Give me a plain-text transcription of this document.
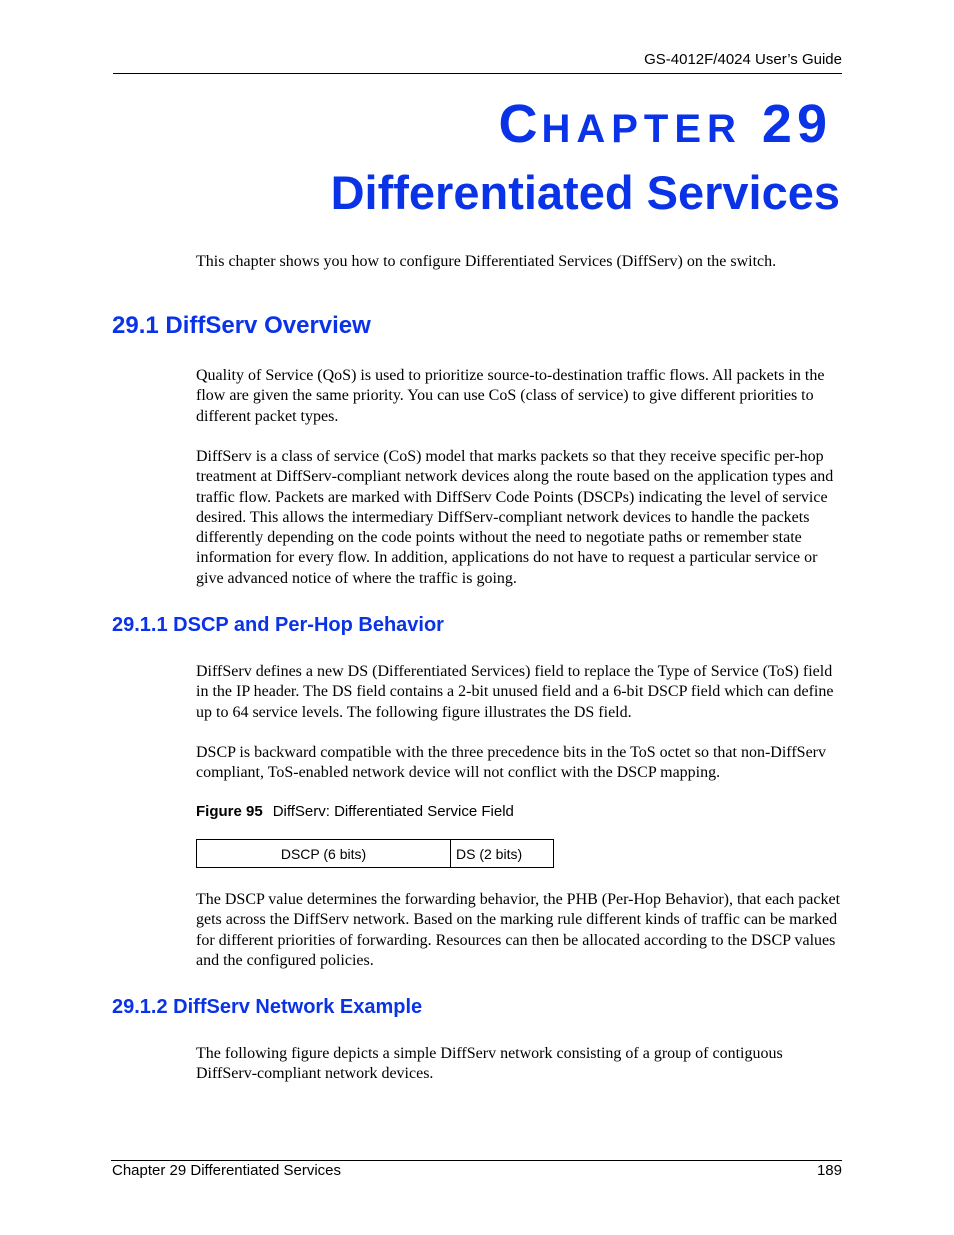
GS-4012F/4024 User’s Guide
CHAPTER 29
Differentiated Services
This chapter shows you how to configure Differentiated Services (DiffServ) on the switch.
29.1 DiffServ Overview
Quality of Service (QoS) is used to prioritize source-to-destination traffic flows. All packets in the flow are given the same priority. You can use CoS (class of service) to give different priorities to different packet types.
DiffServ is a class of service (CoS) model that marks packets so that they receive specific per-hop treatment at DiffServ-compliant network devices along the route based on the application types and traffic flow. Packets are marked with DiffServ Code Points (DSCPs) indicating the level of service desired. This allows the intermediary DiffServ-compliant network devices to handle the packets differently depending on the code points without the need to negotiate paths or remember state information for every flow. In addition, applications do not have to request a particular service or give advanced notice of where the traffic is going.
29.1.1 DSCP and Per-Hop Behavior
DiffServ defines a new DS (Differentiated Services) field to replace the Type of Service (ToS) field in the IP header. The DS field contains a 2-bit unused field and a 6-bit DSCP field which can define up to 64 service levels. The following figure illustrates the DS field.
DSCP is backward compatible with the three precedence bits in the ToS octet so that non-DiffServ compliant, ToS-enabled network device will not conflict with the DSCP mapping.
Figure 95 DiffServ: Differentiated Service Field
DSCP (6 bits)	DS (2 bits)
The DSCP value determines the forwarding behavior, the PHB (Per-Hop Behavior), that each packet gets across the DiffServ network. Based on the marking rule different kinds of traffic can be marked for different priorities of forwarding. Resources can then be allocated according to the DSCP values and the configured policies.
29.1.2 DiffServ Network Example
The following figure depicts a simple DiffServ network consisting of a group of contiguous DiffServ-compliant network devices.
Chapter 29 Differentiated Services	189
